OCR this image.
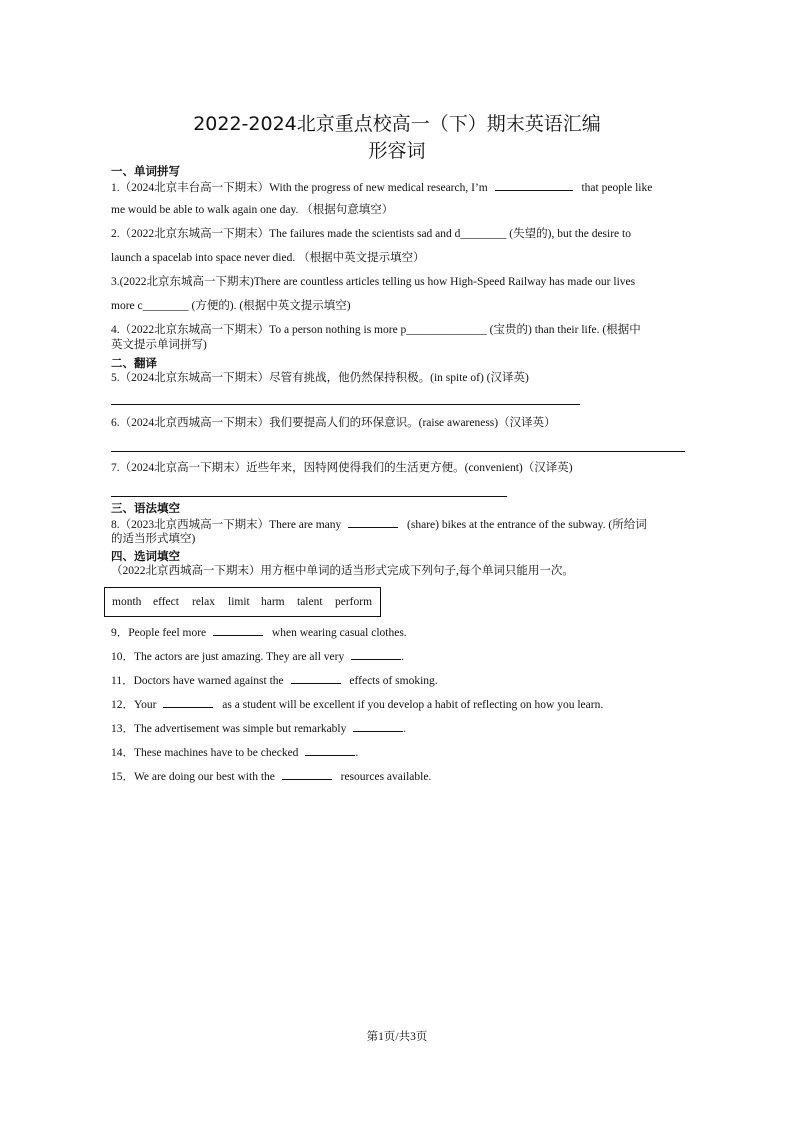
2022-2024北京重点校高一（下）期末英语汇编
形容词
一、单词拼写
1.（2024北京丰台高一下期末）With the progress of new medical research, I’m	that people like
me would be able to walk again one day. （根据句意填空）
2.（2022北京东城高一下期末）The failures made the scientists sad and d________ (失望的), but the desire to
launch a spacelab into space never died. （根据中英文提示填空）
3.(2022北京东城高一下期末)There are countless articles telling us how High-Speed Railway has made our lives
more c________ (方便的). (根据中英文提示填空)
4.（2022北京东城高一下期末）To a person nothing is more p______________ (宝贵的) than their life. (根据中
英文提示单词拼写)
二、翻译
5.（2024北京东城高一下期末）尽管有挑战，他仍然保持积极。(in spite of) (汉译英)
6.（2024北京西城高一下期末）我们要提高人们的环保意识。(raise awareness)（汉译英）
7.（2024北京高一下期末）近些年来，因特网使得我们的生活更方便。(convenient)（汉译英)
三、语法填空
8.（2023北京西城高一下期末）There are many	(share) bikes at the entrance of the subway. (所给词
的适当形式填空)
四、选词填空
（2022北京西城高一下期末）用方框中单词的适当形式完成下列句子,每个单词只能用一次。
month effect relax limit harm talent perform
9．People feel more	when wearing casual clothes.
10．The actors are just amazing. They are all very	.
11．Doctors have warned against the	effects of smoking.
12．Your	as a student will be excellent if you develop a habit of reflecting on how you learn.
13．The advertisement was simple but remarkably	.
14．These machines have to be checked	.
15．We are doing our best with the	resources available.
第1页/共3页
